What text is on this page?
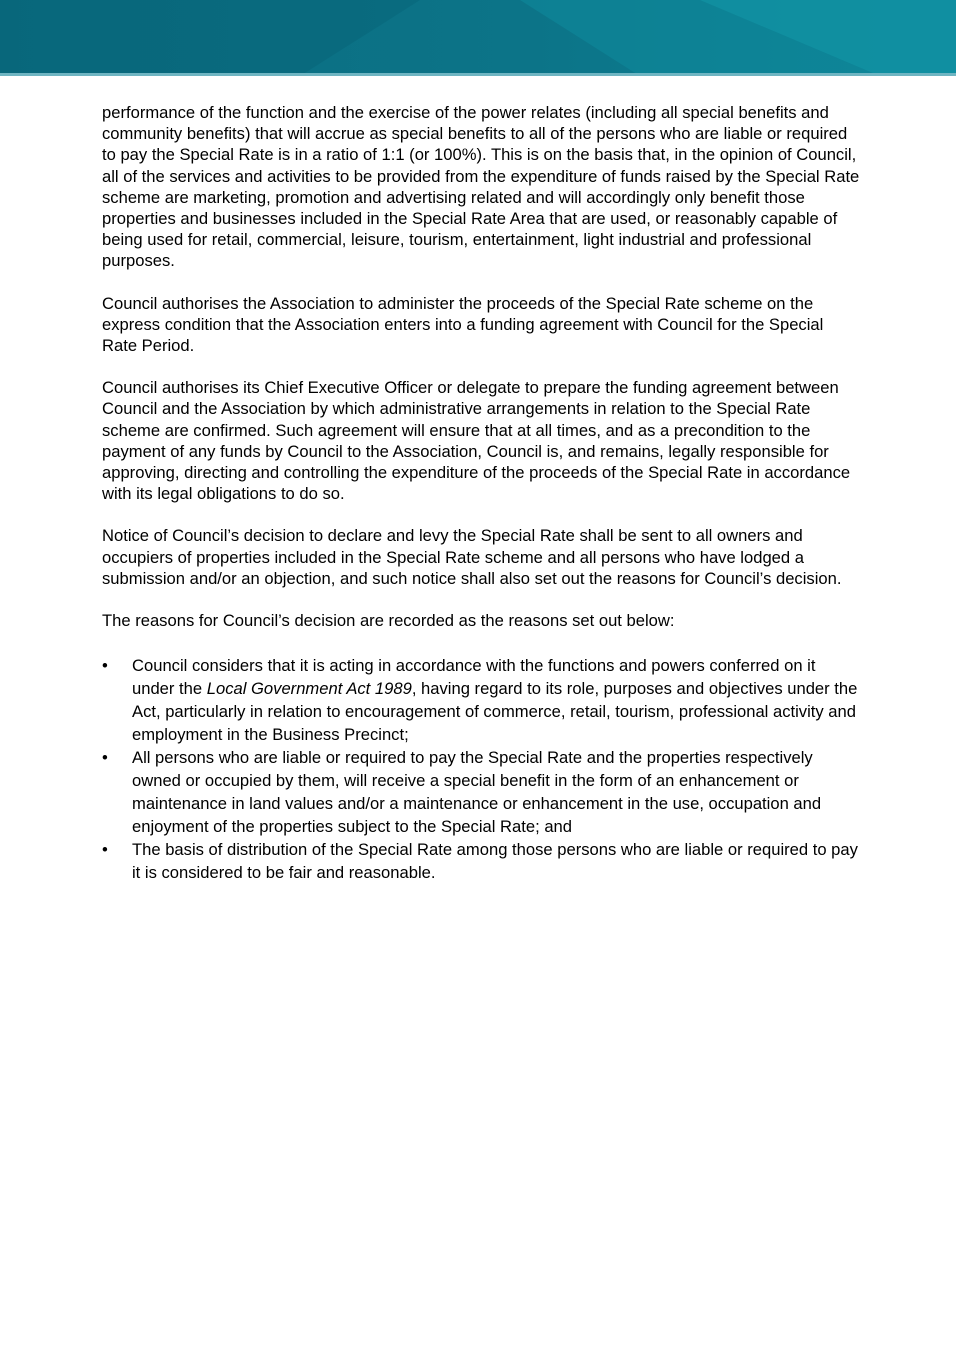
performance of the function and the exercise of the power relates (including all special benefits and community benefits) that will accrue as special benefits to all of the persons who are liable or required to pay the Special Rate is in a ratio of 1:1 (or 100%). This is on the basis that, in the opinion of Council, all of the services and activities to be provided from the expenditure of funds raised by the Special Rate scheme are marketing, promotion and advertising related and will accordingly only benefit those properties and businesses included in the Special Rate Area that are used, or reasonably capable of being used for retail, commercial, leisure, tourism, entertainment, light industrial and professional purposes.

Council authorises the Association to administer the proceeds of the Special Rate scheme on the express condition that the Association enters into a funding agreement with Council for the Special Rate Period.

Council authorises its Chief Executive Officer or delegate to prepare the funding agreement between Council and the Association by which administrative arrangements in relation to the Special Rate scheme are confirmed. Such agreement will ensure that at all times, and as a precondition to the payment of any funds by Council to the Association, Council is, and remains, legally responsible for approving, directing and controlling the expenditure of the proceeds of the Special Rate in accordance with its legal obligations to do so.

Notice of Council’s decision to declare and levy the Special Rate shall be sent to all owners and occupiers of properties included in the Special Rate scheme and all persons who have lodged a submission and/or an objection, and such notice shall also set out the reasons for Council’s decision.

The reasons for Council’s decision are recorded as the reasons set out below:

•	Council considers that it is acting in accordance with the functions and powers conferred on it under the Local Government Act 1989, having regard to its role, purposes and objectives under the Act, particularly in relation to encouragement of commerce, retail, tourism, professional activity and employment in the Business Precinct;
•	All persons who are liable or required to pay the Special Rate and the properties respectively owned or occupied by them, will receive a special benefit in the form of an enhancement or maintenance in land values and/or a maintenance or enhancement in the use, occupation and enjoyment of the properties subject to the Special Rate; and
•	The basis of distribution of the Special Rate among those persons who are liable or required to pay it is considered to be fair and reasonable.
